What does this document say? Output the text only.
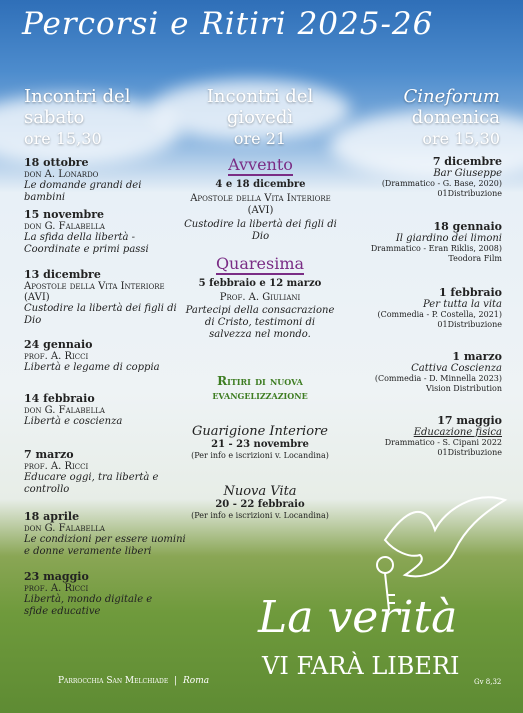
Percorsi e Ritiri 2025-26
Incontri del
sabato
ore 15,30
Incontri del
giovedì
ore 21
Cineforum
domenica
ore 15,30
18 ottobre
don A. Lonardo
Le domande grandi dei bambini
15 novembre
don G. Falabella
La sfida della libertà - Coordinate e primi passi
13 dicembre
Apostole della Vita Interiore (AVI)
Custodire la libertà dei figli di Dio
24 gennaio
prof. A. Ricci
Libertà e legame di coppia
14 febbraio
don G. Falabella
Libertà e coscienza
7 marzo
prof. A. Ricci
Educare oggi, tra libertà e controllo
18 aprile
don G. Falabella
Le condizioni per essere uomini e donne veramente liberi
23 maggio
prof. A. Ricci
Libertà, mondo digitale e sfide educative
Avvento
4 e 18 dicembre
Apostole della Vita Interiore (AVI)
Custodire la libertà dei figli di Dio
Quaresima
5 febbraio e 12 marzo
Prof. A. Giuliani
Partecipi della consacrazione di Cristo, testimoni di salvezza nel mondo.
Ritiri di nuova
evangelizzazione
Guarigione Interiore
21 - 23 novembre
(Per info e iscrizioni v. Locandina)
Nuova Vita
20 - 22 febbraio
(Per info e iscrizioni v. Locandina)
7 dicembre
Bar Giuseppe
(Drammatico - G. Base, 2020)
01Distribuzione
18 gennaio
Il giardino dei limoni
Drammatico - Eran Riklis, 2008)
Teodora Film
1 febbraio
Per tutta la vita
(Commedia - P. Costella, 2021)
01Distribuzione
1 marzo
Cattiva Coscienza
(Commedia - D. Minnella 2023)
Vision Distribution
17 maggio
Educazione fisica
Drammatico - S. Cipani 2022
01Distribuzione
La verità
VI FARÀ LIBERI
Parrocchia San Melchiade | Roma	Gv 8,32
